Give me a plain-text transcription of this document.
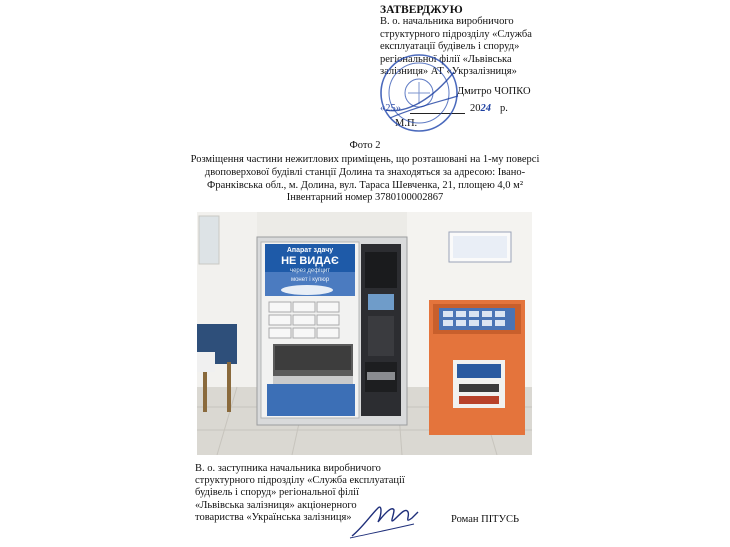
ЗАТВЕРДЖУЮ
В. о. начальника виробничого
структурного підрозділу «Служба
експлуатації будівель і споруд»
регіональної філії «Львівська
залізниця» АТ «Укрзалізниця»
Дмитро ЧОПКО
«25»	2024 р.
М.П.
Фото 2
Розміщення частини нежитлових приміщень, що розташовані на 1-му поверсі
двоповерхової будівлі станції Долина та знаходяться за адресою: Івано-
Франківська обл., м. Долина, вул. Тараса Шевченка, 21, площею 4,0 м²
Інвентарний номер 3780100002867
Апарат здачу
НЕ ВИДАЄ
через дефіцит
монет і купюр
В. о. заступника начальника виробничого
структурного підрозділу «Служба експлуатації
будівель і споруд» регіональної філії
«Львівська залізниця» акціонерного
товариства «Українська залізниця»	Роман ПІТУСЬ
